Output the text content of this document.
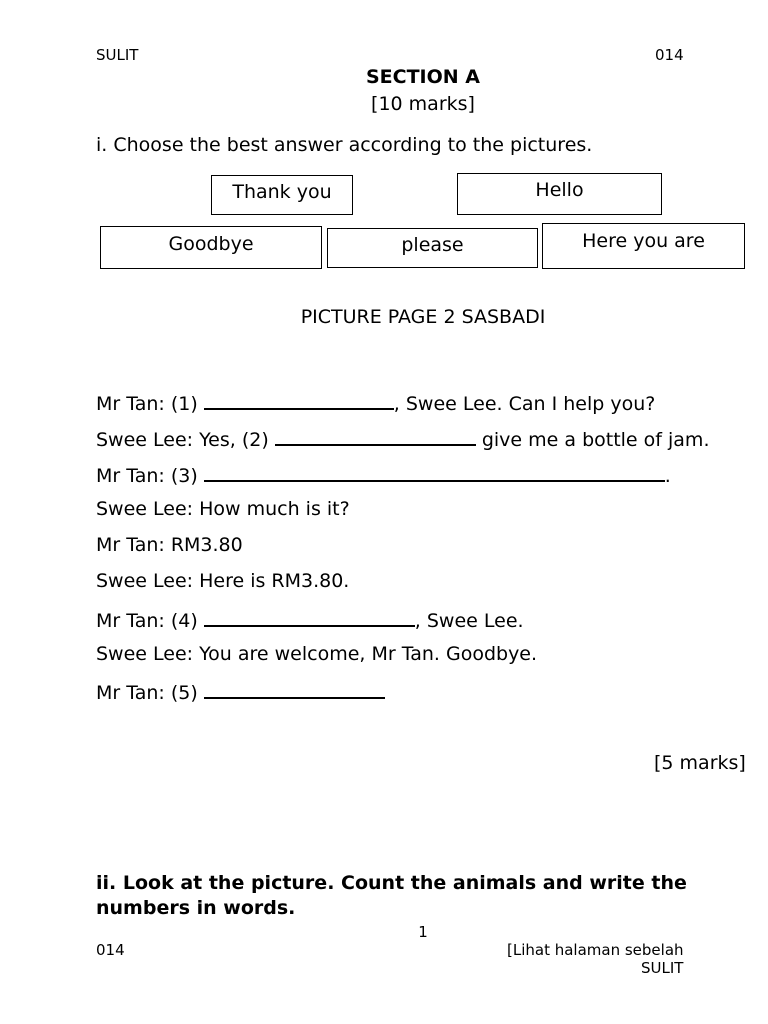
SULIT	014
SECTION A
[10 marks]
i. Choose the best answer according to the pictures.
Thank you	Hello
Goodbye	please	Here you are
PICTURE PAGE 2 SASBADI
Mr Tan: (1)	, Swee Lee. Can I help you?
Swee Lee: Yes, (2)	give me a bottle of jam.
Mr Tan: (3)	.
Swee Lee: How much is it?
Mr Tan: RM3.80
Swee Lee: Here is RM3.80.
Mr Tan: (4)	, Swee Lee.
Swee Lee: You are welcome, Mr Tan. Goodbye.
Mr Tan: (5)
[5 marks]
ii. Look at the picture. Count the animals and write the
numbers in words.
1
014	[Lihat halaman sebelah
SULIT
